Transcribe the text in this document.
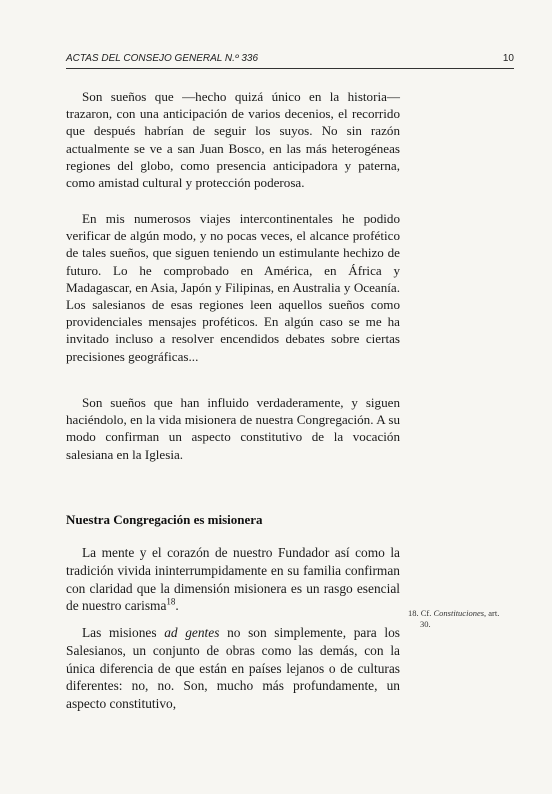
ACTAS DEL CONSEJO GENERAL N.º 336	10

Son sueños que —hecho quizá único en la historia— trazaron, con una anticipación de varios decenios, el recorrido que después habrían de seguir los suyos. No sin razón actualmente se ve a san Juan Bosco, en las más heterogéneas regiones del globo, como presencia anticipadora y paterna, como amistad cultural y protección poderosa.

En mis numerosos viajes intercontinentales he podido verificar de algún modo, y no pocas veces, el alcance profético de tales sueños, que siguen teniendo un estimulante hechizo de futuro. Lo he comprobado en América, en África y Madagascar, en Asia, Japón y Filipinas, en Australia y Oceanía. Los salesianos de esas regiones leen aquellos sueños como providenciales mensajes proféticos. En algún caso se me ha invitado incluso a resolver encendidos debates sobre ciertas precisiones geográficas...

Son sueños que han influido verdaderamente, y siguen haciéndolo, en la vida misionera de nuestra Congregación. A su modo confirman un aspecto constitutivo de la vocación salesiana en la Iglesia.

Nuestra Congregación es misionera

La mente y el corazón de nuestro Fundador así como la tradición vivida ininterrumpidamente en su familia confirman con claridad que la dimensión misionera es un rasgo esencial de nuestro carisma$^{18}$.

Las misiones ad gentes no son simplemente, para los Salesianos, un conjunto de obras como las demás, con la única diferencia de que están en países lejanos o de culturas diferentes: no, no. Son, mucho más profundamente, un aspecto constitutivo,

18. Cf. Constituciones, art.
30.
